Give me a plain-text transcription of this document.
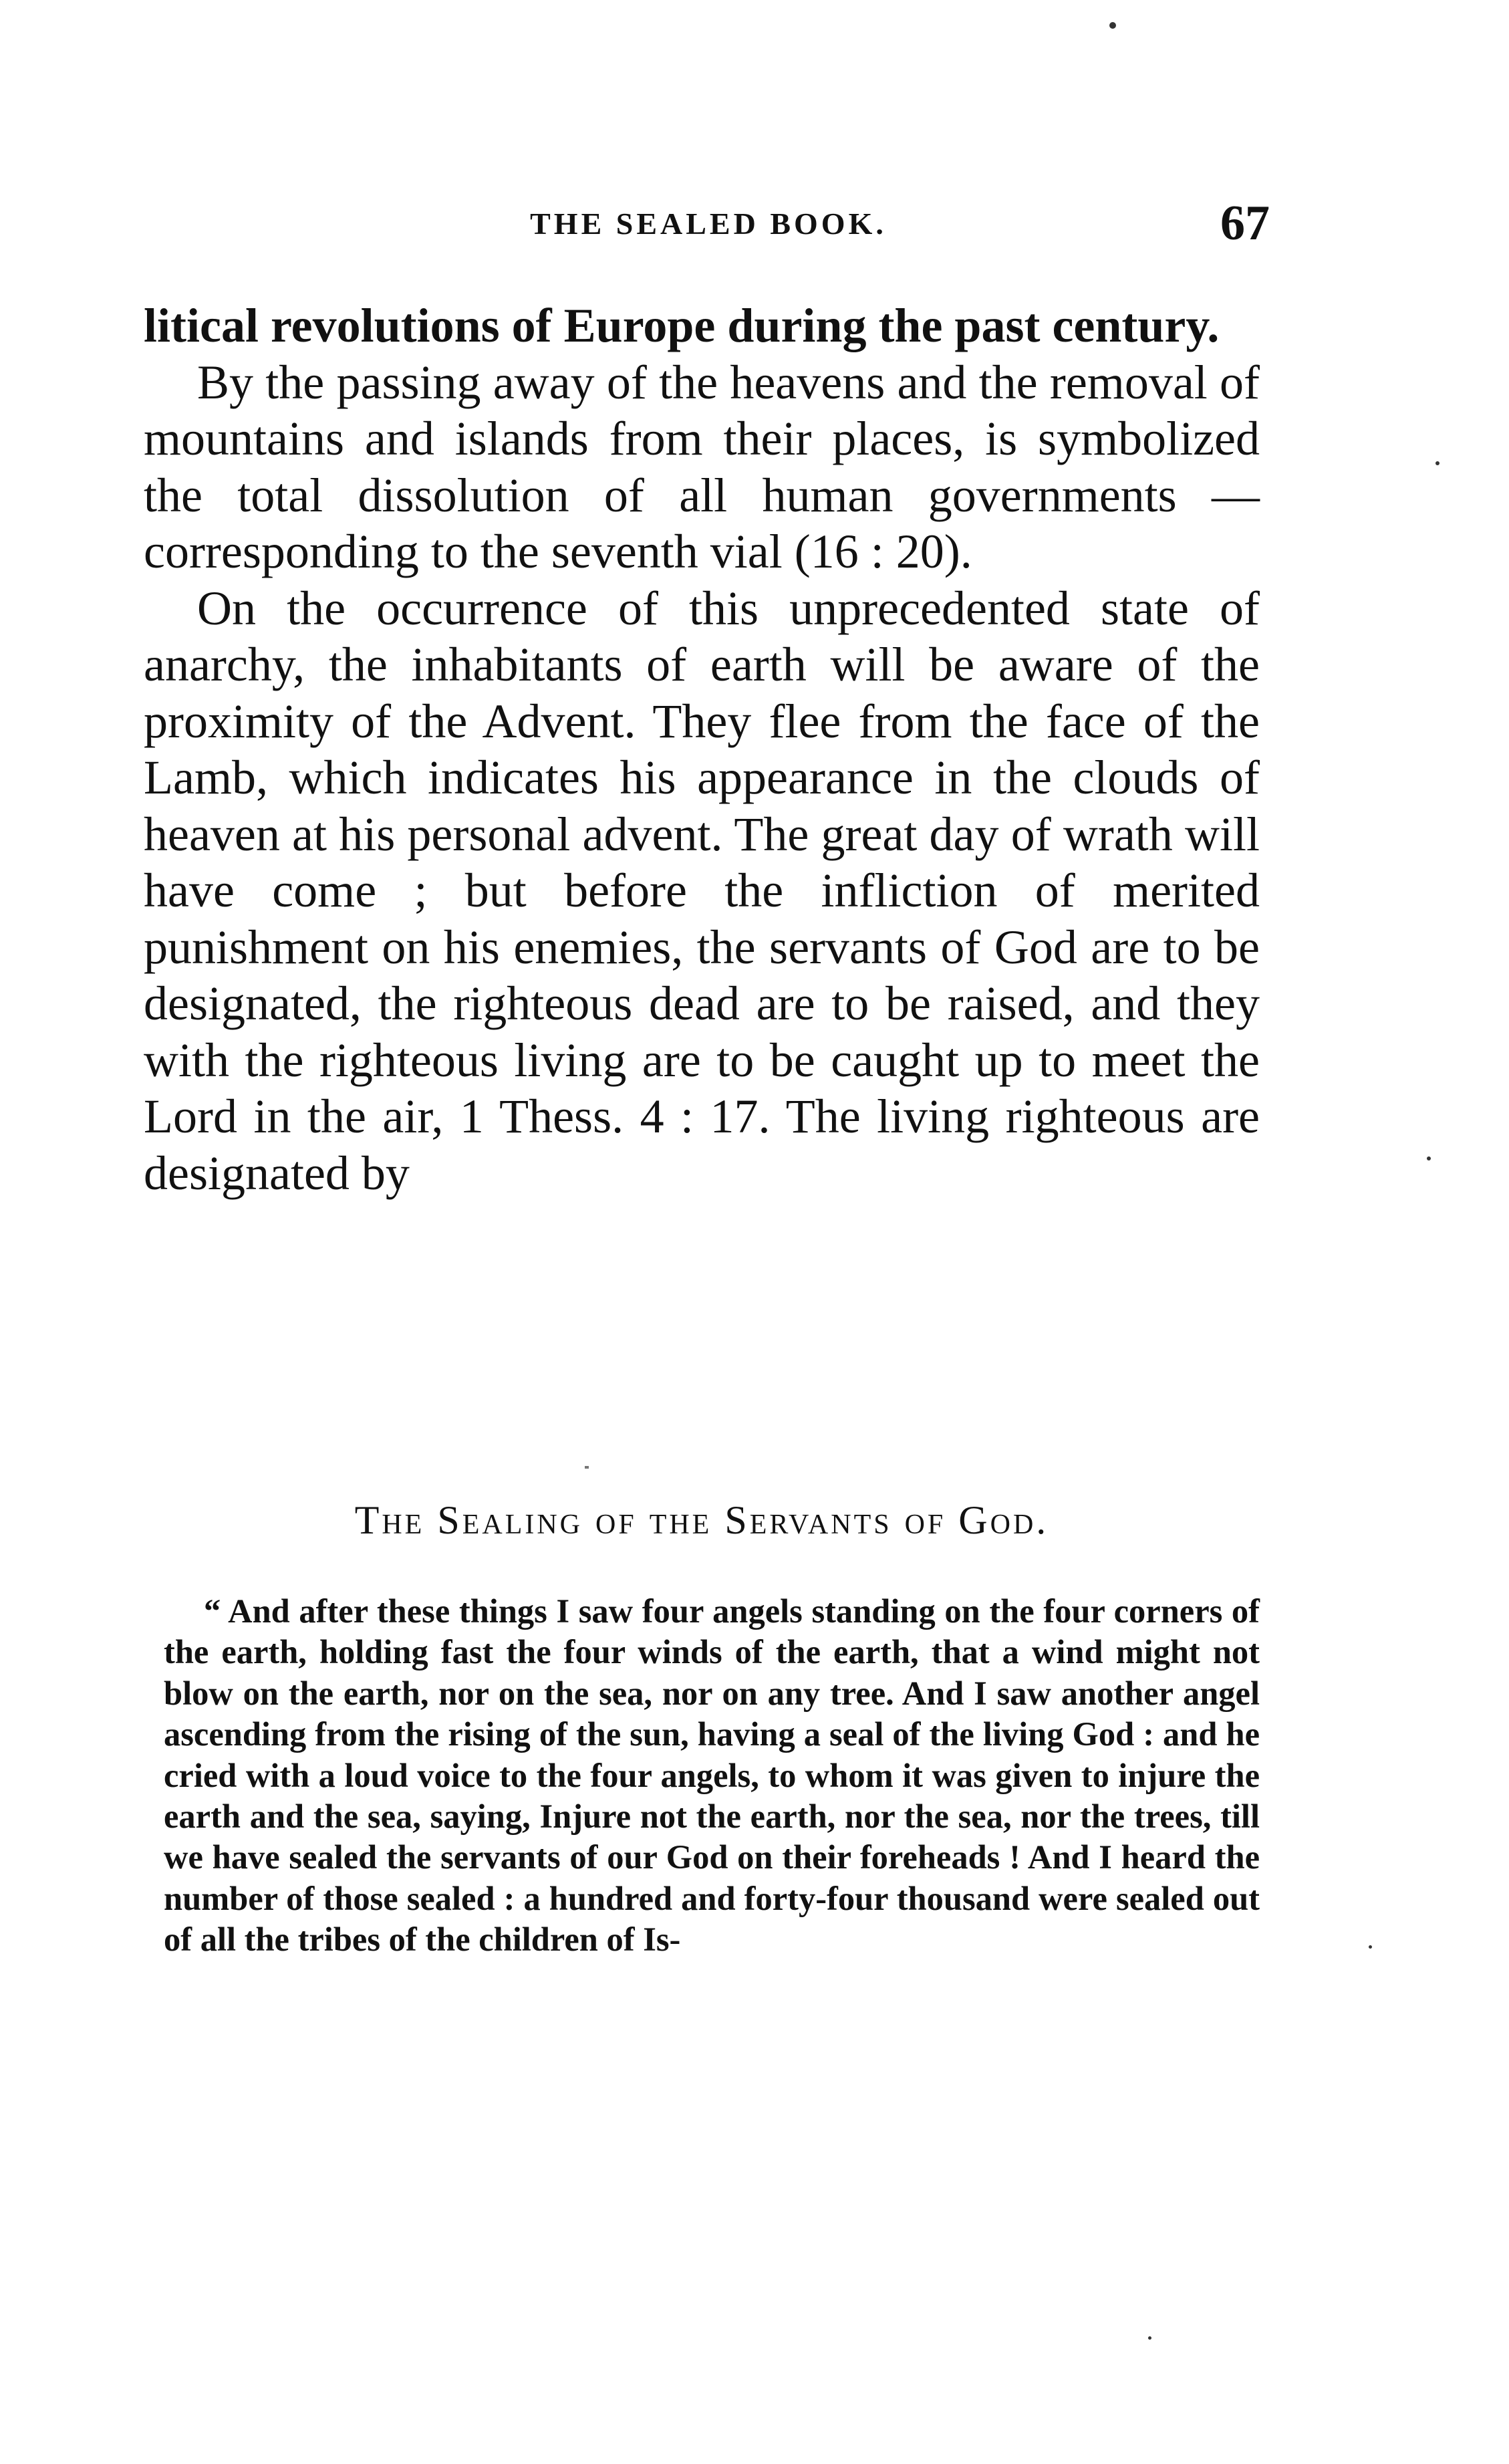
THE SEALED BOOK.	67

litical revolutions of Europe during the past century.

By the passing away of the heavens and the removal of mountains and islands from their places, is symbolized the total dissolution of all human governments — corresponding to the seventh vial (16 : 20).

On the occurrence of this unprecedented state of anarchy, the inhabitants of earth will be aware of the proximity of the Advent. They flee from the face of the Lamb, which indicates his appearance in the clouds of heaven at his personal advent. The great day of wrath will have come ; but before the infliction of merited punishment on his enemies, the servants of God are to be designated, the righteous dead are to be raised, and they with the righteous living are to be caught up to meet the Lord in the air, 1 Thess. 4 : 17. The living righteous are designated by

The Sealing of the Servants of God.

“ And after these things I saw four angels standing on the four corners of the earth, holding fast the four winds of the earth, that a wind might not blow on the earth, nor on the sea, nor on any tree. And I saw another angel ascending from the rising of the sun, having a seal of the living God : and he cried with a loud voice to the four angels, to whom it was given to injure the earth and the sea, saying, Injure not the earth, nor the sea, nor the trees, till we have sealed the servants of our God on their foreheads ! And I heard the number of those sealed : a hundred and forty-four thousand were sealed out of all the tribes of the children of Is-
